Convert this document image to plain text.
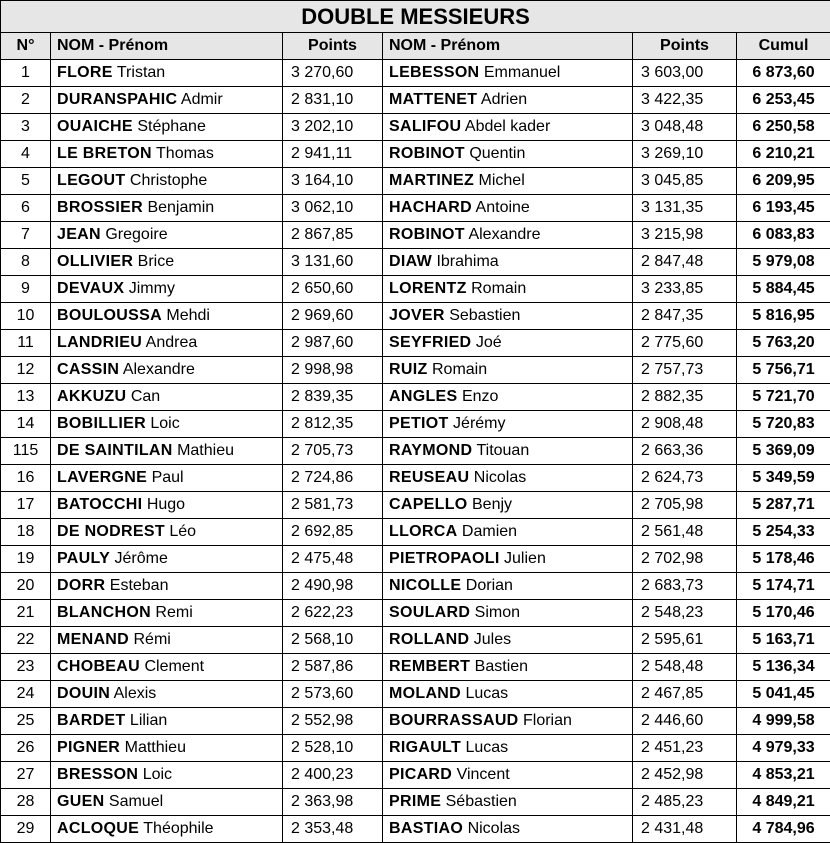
DOUBLE MESSIEURS					
N°	NOM - Prénom	Points	NOM - Prénom	Points	Cumul
1	FLORE Tristan	3 270,60	LEBESSON Emmanuel	3 603,00	6 873,60
2	DURANSPAHIC Admir	2 831,10	MATTENET Adrien	3 422,35	6 253,45
3	OUAICHE Stéphane	3 202,10	SALIFOU Abdel kader	3 048,48	6 250,58
4	LE BRETON Thomas	2 941,11	ROBINOT Quentin	3 269,10	6 210,21
5	LEGOUT Christophe	3 164,10	MARTINEZ Michel	3 045,85	6 209,95
6	BROSSIER Benjamin	3 062,10	HACHARD Antoine	3 131,35	6 193,45
7	JEAN Gregoire	2 867,85	ROBINOT Alexandre	3 215,98	6 083,83
8	OLLIVIER Brice	3 131,60	DIAW Ibrahima	2 847,48	5 979,08
9	DEVAUX Jimmy	2 650,60	LORENTZ Romain	3 233,85	5 884,45
10	BOULOUSSA Mehdi	2 969,60	JOVER Sebastien	2 847,35	5 816,95
11	LANDRIEU Andrea	2 987,60	SEYFRIED Joé	2 775,60	5 763,20
12	CASSIN Alexandre	2 998,98	RUIZ Romain	2 757,73	5 756,71
13	AKKUZU Can	2 839,35	ANGLES Enzo	2 882,35	5 721,70
14	BOBILLIER Loic	2 812,35	PETIOT Jérémy	2 908,48	5 720,83
115	DE SAINTILAN Mathieu	2 705,73	RAYMOND Titouan	2 663,36	5 369,09
16	LAVERGNE Paul	2 724,86	REUSEAU Nicolas	2 624,73	5 349,59
17	BATOCCHI Hugo	2 581,73	CAPELLO Benjy	2 705,98	5 287,71
18	DE NODREST Léo	2 692,85	LLORCA Damien	2 561,48	5 254,33
19	PAULY Jérôme	2 475,48	PIETROPAOLI Julien	2 702,98	5 178,46
20	DORR Esteban	2 490,98	NICOLLE Dorian	2 683,73	5 174,71
21	BLANCHON Remi	2 622,23	SOULARD Simon	2 548,23	5 170,46
22	MENAND Rémi	2 568,10	ROLLAND Jules	2 595,61	5 163,71
23	CHOBEAU Clement	2 587,86	REMBERT Bastien	2 548,48	5 136,34
24	DOUIN Alexis	2 573,60	MOLAND Lucas	2 467,85	5 041,45
25	BARDET Lilian	2 552,98	BOURRASSAUD Florian	2 446,60	4 999,58
26	PIGNER Matthieu	2 528,10	RIGAULT Lucas	2 451,23	4 979,33
27	BRESSON Loic	2 400,23	PICARD Vincent	2 452,98	4 853,21
28	GUEN Samuel	2 363,98	PRIME Sébastien	2 485,23	4 849,21
29	ACLOQUE Théophile	2 353,48	BASTIAO Nicolas	2 431,48	4 784,96
